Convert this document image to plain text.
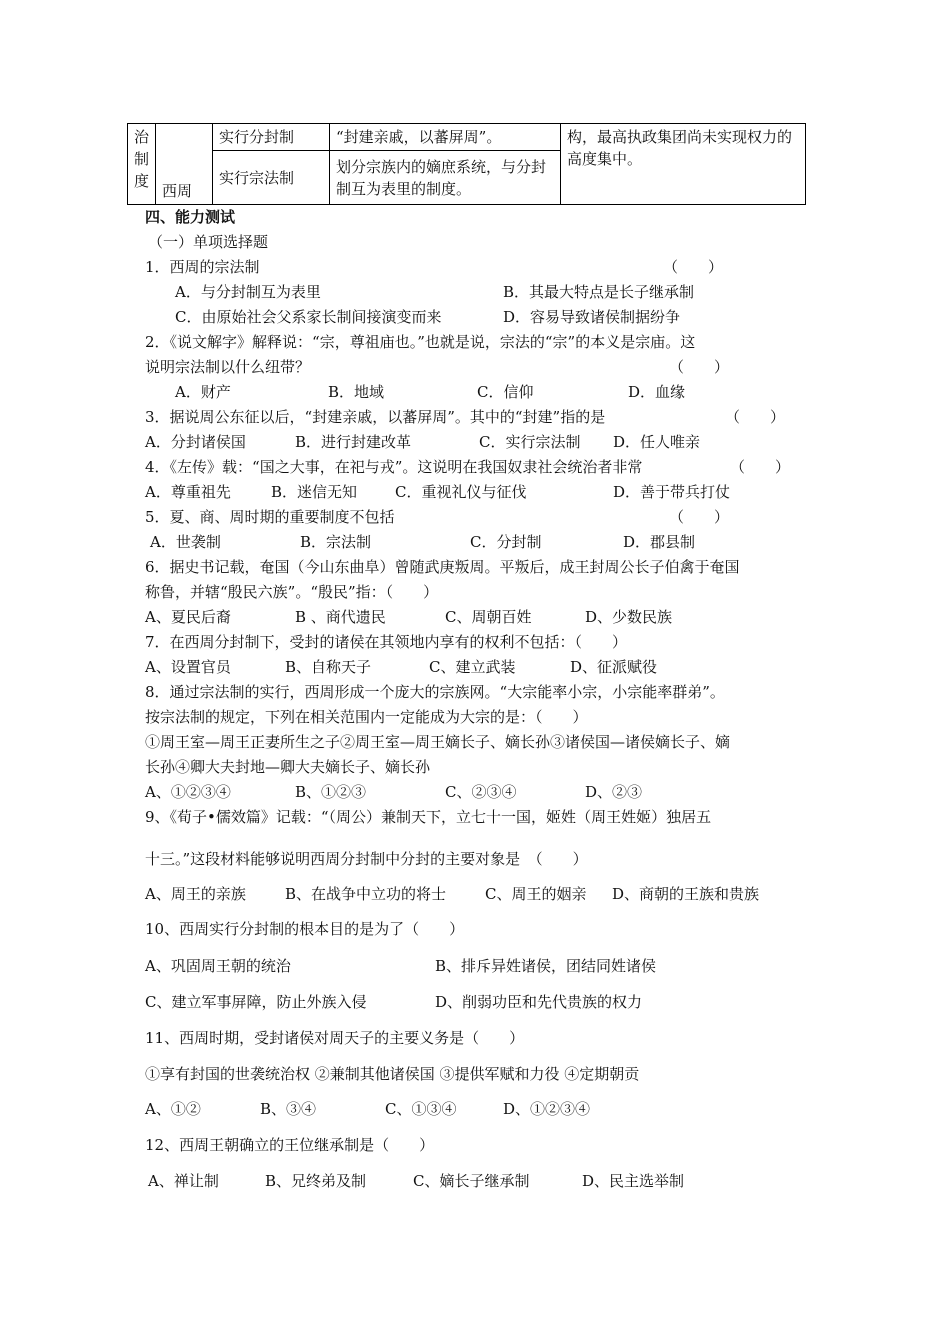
治
制
度	西周	实行分封制	“封建亲戚，以蕃屏周”。	构，最高执政集团尚未实现权力的高度集中。
		实行宗法制	划分宗族内的嫡庶系统，与分封制互为表里的制度。	
四、能力测试
（一）单项选择题
1．西周的宗法制	（　　）
A．与分封制互为表里	B．其最大特点是长子继承制
C．由原始社会父系家长制间接演变而来	D．容易导致诸侯制据纷争
2．《说文解字》解释说：“宗，尊祖庙也。”也就是说，宗法的“宗”的本义是宗庙。这
说明宗法制以什么纽带？	（　　）
A．财产	B．地域	C．信仰	D．血缘
3．据说周公东征以后，“封建亲戚，以蕃屏周”。其中的“封建”指的是	（　　）
A．分封诸侯国	B．进行封建改革	C．实行宗法制 D．任人唯亲
4．《左传》载：“国之大事，在祀与戎”。这说明在我国奴隶社会统治者非常	（　　）
A．尊重祖先	B．迷信无知	C．重视礼仪与征伐	D．善于带兵打仗
5．夏、商、周时期的重要制度不包括	（　　）
A．世袭制	B．宗法制	C．分封制	D．郡县制
6．据史书记载，奄国（今山东曲阜）曾随武庚叛周。平叛后，成王封周公长子伯禽于奄国
称鲁，并辖“殷民六族”。“殷民”指：（　　）
A、夏民后裔	B 、商代遗民	C、周朝百姓	D、少数民族
7．在西周分封制下，受封的诸侯在其领地内享有的权利不包括：（　　）
A、设置官员	B、自称天子	C、建立武装	D、征派赋役
8．通过宗法制的实行，西周形成一个庞大的宗族网。“大宗能率小宗，小宗能率群弟”。
按宗法制的规定，下列在相关范围内一定能成为大宗的是：（　　）
①周王室—周王正妻所生之子②周王室—周王嫡长子、嫡长孙③诸侯国—诸侯嫡长子、嫡
长孙④卿大夫封地—卿大夫嫡长子、嫡长孙
A、①②③④	B、①②③	C、②③④	D、②③
9、《荀子•儒效篇》记载：“（周公）兼制天下，立七十一国，姬姓（周王姓姬）独居五
十三。”这段材料能够说明西周分封制中分封的主要对象是　（　　）
A、周王的亲族	B、在战争中立功的将士	C、周王的姻亲 D、商朝的王族和贵族
10、西周实行分封制的根本目的是为了（　　）
A、巩固周王朝的统治	B、排斥异姓诸侯，团结同姓诸侯
C、建立军事屏障，防止外族入侵	D、削弱功臣和先代贵族的权力
11、西周时期，受封诸侯对周天子的主要义务是（　　）
①享有封国的世袭统治权 ②兼制其他诸侯国 ③提供军赋和力役 ④定期朝贡
A、①②	B、③④	C、①③④	D、①②③④
12、西周王朝确立的王位继承制是（　　）
A、禅让制	B、兄终弟及制	C、嫡长子继承制	D、民主选举制
